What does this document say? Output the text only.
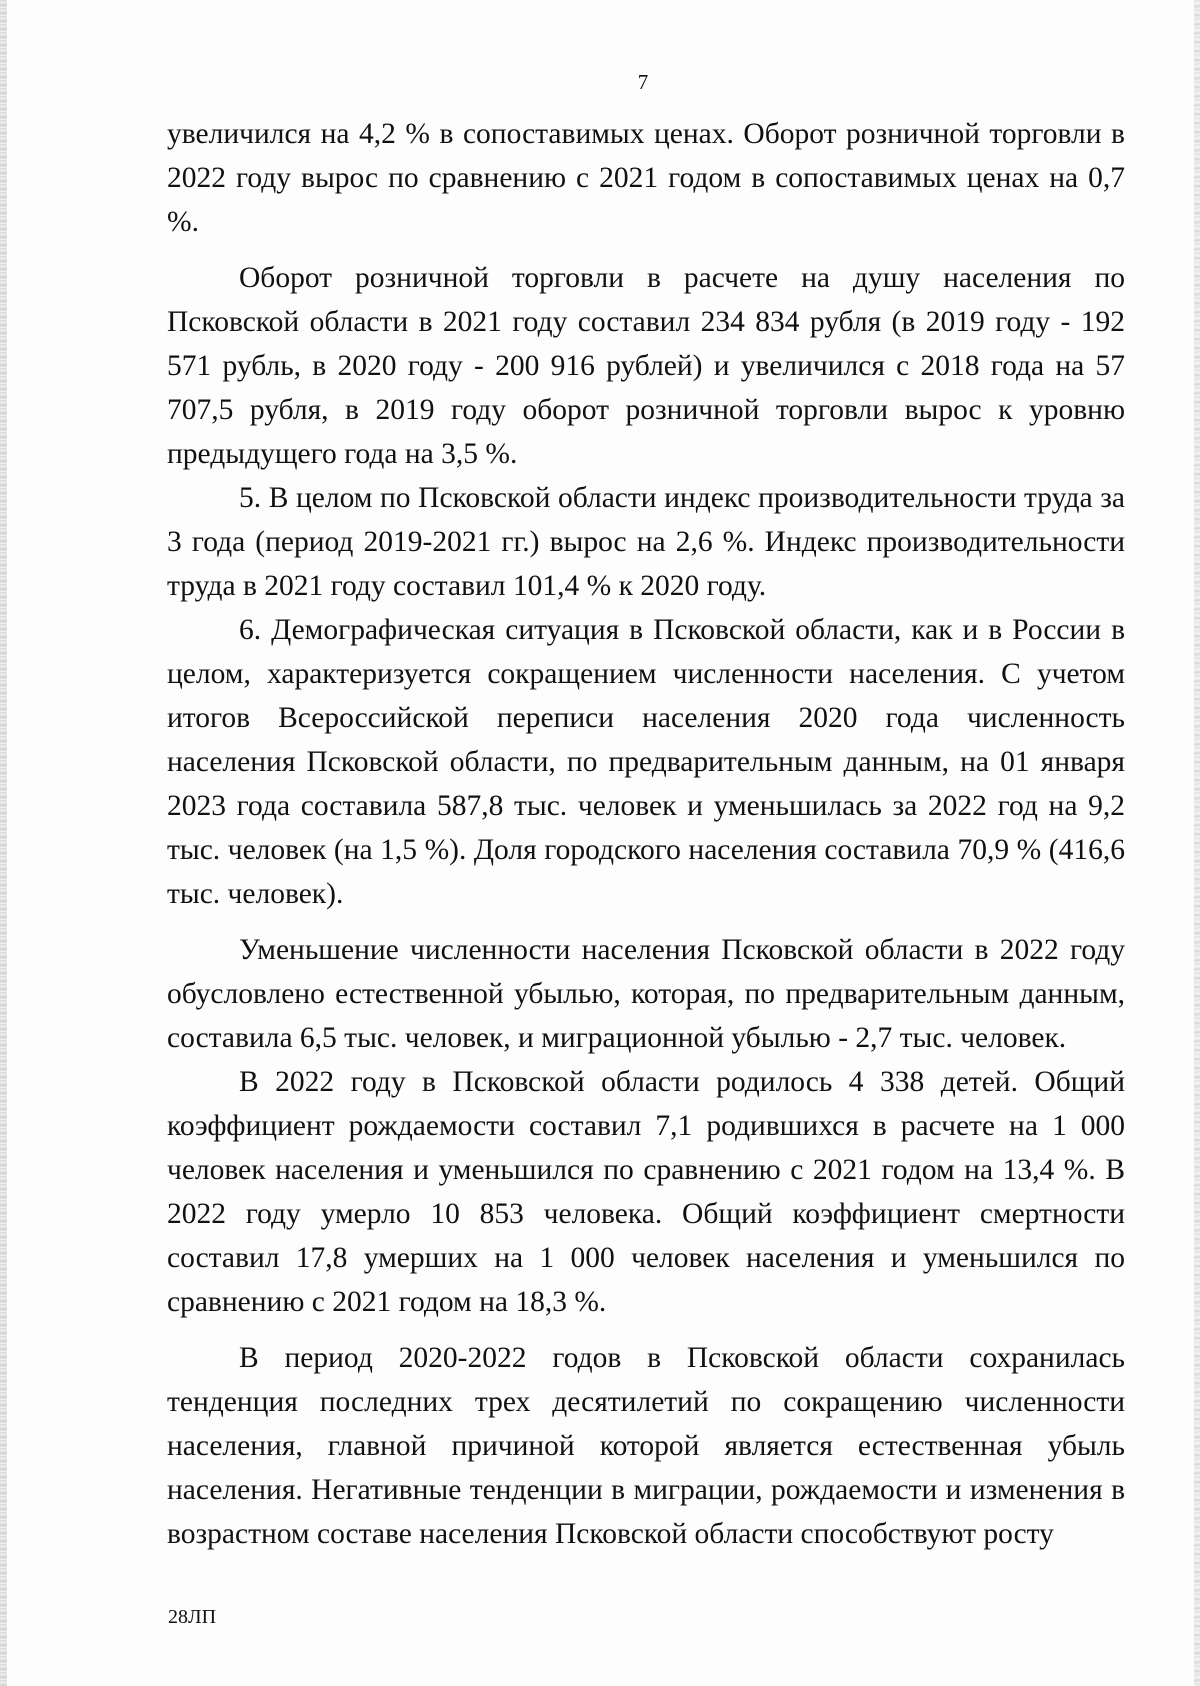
7

увеличился на 4,2 % в сопоставимых ценах. Оборот розничной торговли в 2022 году вырос по сравнению с 2021 годом в сопоставимых ценах на 0,7 %.

Оборот розничной торговли в расчете на душу населения по Псковской области в 2021 году составил 234 834 рубля (в 2019 году - 192 571 рубль, в 2020 году - 200 916 рублей) и увеличился с 2018 года на 57 707,5 рубля, в 2019 году оборот розничной торговли вырос к уровню предыдущего года на 3,5 %.

5. В целом по Псковской области индекс производительности труда за 3 года (период 2019-2021 гг.) вырос на 2,6 %. Индекс производительности труда в 2021 году составил 101,4 % к 2020 году.

6. Демографическая ситуация в Псковской области, как и в России в целом, характеризуется сокращением численности населения. С учетом итогов Всероссийской переписи населения 2020 года численность населения Псковской области, по предварительным данным, на 01 января 2023 года составила 587,8 тыс. человек и уменьшилась за 2022 год на 9,2 тыс. человек (на 1,5 %). Доля городского населения составила 70,9 % (416,6 тыс. человек).

Уменьшение численности населения Псковской области в 2022 году обусловлено естественной убылью, которая, по предварительным данным, составила 6,5 тыс. человек, и миграционной убылью - 2,7 тыс. человек.

В 2022 году в Псковской области родилось 4 338 детей. Общий коэффициент рождаемости составил 7,1 родившихся в расчете на 1 000 человек населения и уменьшился по сравнению с 2021 годом на 13,4 %. В 2022 году умерло 10 853 человека. Общий коэффициент смертности составил 17,8 умерших на 1 000 человек населения и уменьшился по сравнению с 2021 годом на 18,3 %.

В период 2020-2022 годов в Псковской области сохранилась тенденция последних трех десятилетий по сокращению численности населения, главной причиной которой является естественная убыль населения. Негативные тенденции в миграции, рождаемости и изменения в возрастном составе населения Псковской области способствуют росту

28ЛП
